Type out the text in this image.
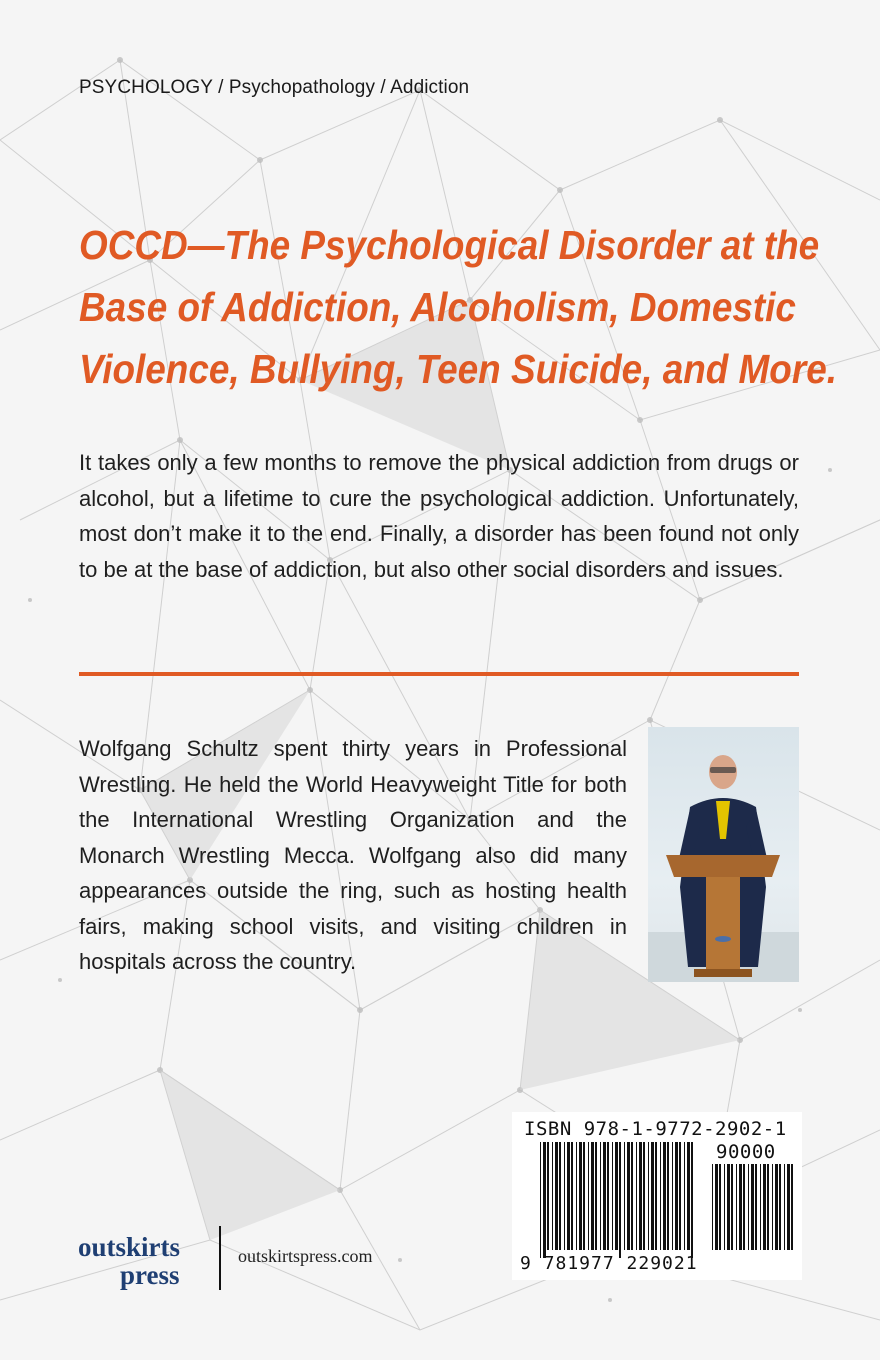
PSYCHOLOGY / Psychopathology / Addiction
OCCD—The Psychological Disorder at the
Base of Addiction, Alcoholism, Domestic
Violence, Bullying, Teen Suicide, and More.

It takes only a few months to remove the physical addiction from drugs or alcohol, but a lifetime to cure the psychological addiction. Unfortunately, most don’t make it to the end. Finally, a disorder has been found not only to be at the base of addiction, but also other social disorders and issues.

Wolfgang Schultz spent thirty years in Professional Wrestling. He held the World Heavyweight Title for both the International Wrestling Organization and the Monarch Wrestling Mecca. Wolfgang also did many appearances outside the ring, such as hosting health fairs, making school visits, and visiting children in hospitals across the country.

ISBN 978-1-9772-2902-1
90000
9 781977 229021
outskirts
press
outskirtspress.com
